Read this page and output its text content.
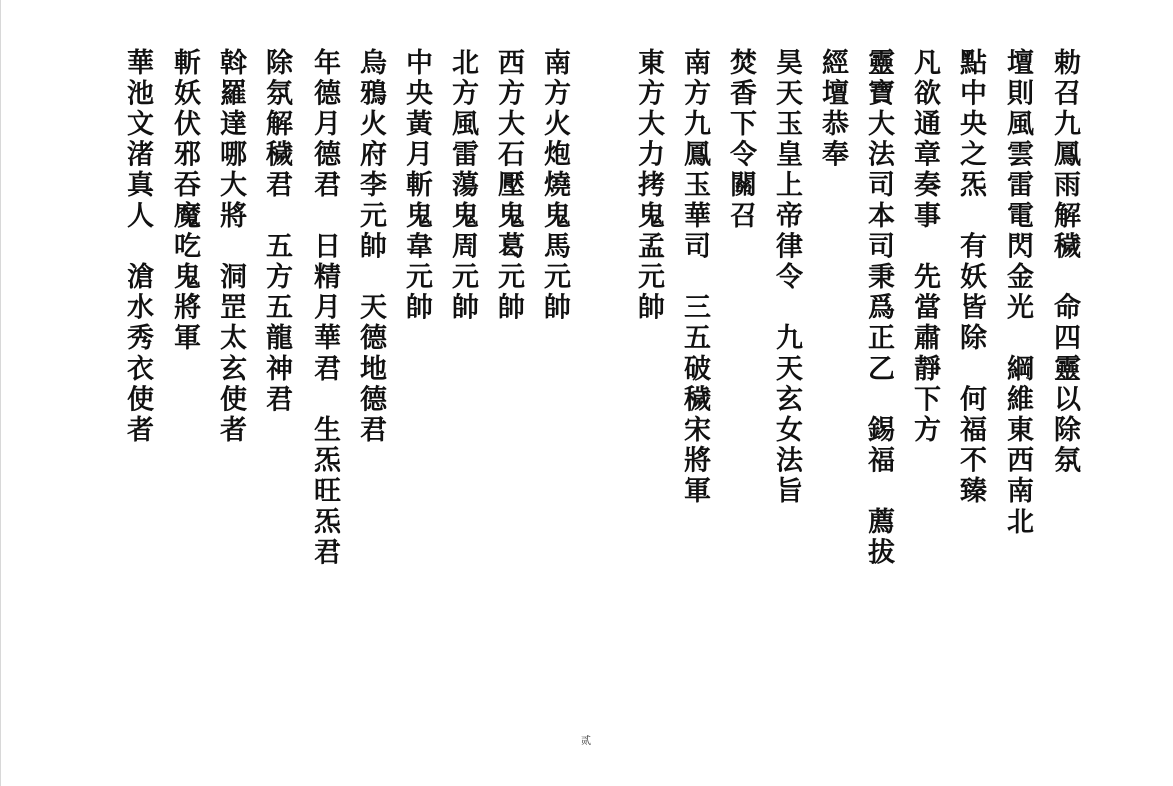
勅召九鳳雨解穢　命四靈以除氛
壇則風雲雷電閃金光　綱維東西南北
點中央之炁　有妖皆除　何福不臻
凡欲通章奏事　先當肅靜下方
靈寶大法司本司秉爲正乙　錫福　薦拔
經壇恭奉
昊天玉皇上帝律令　九天玄女法旨
焚香下令關召
南方九鳳玉華司　三五破穢宋將軍
東方大力拷鬼孟元帥
南方火炮燒鬼馬元帥
西方大石壓鬼葛元帥
北方風雷蕩鬼周元帥
中央黃月斬鬼韋元帥
烏鴉火府李元帥　天德地德君
年德月德君　日精月華君　生炁旺炁君
除氛解穢君　五方五龍神君
斡羅達哪大將　洞罡太玄使者
斬妖伏邪吞魔吃鬼將軍
華池文渚真人　滄水秀衣使者
贰
